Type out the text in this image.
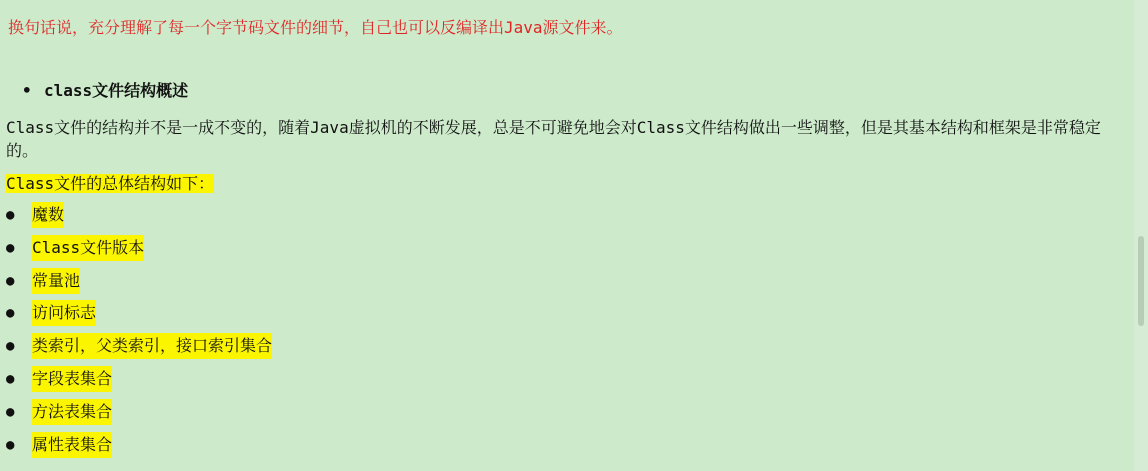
换句话说，充分理解了每一个字节码文件的细节，自己也可以反编译出Java源文件来。
• class文件结构概述
Class文件的结构并不是一成不变的，随着Java虚拟机的不断发展，总是不可避免地会对Class文件结构做出一些调整，但是其基本结构和框架是非常稳定的。
Class文件的总体结构如下：
●	魔数
●	Class文件版本
●	常量池
●	访问标志
●	类索引，父类索引，接口索引集合
●	字段表集合
●	方法表集合
●	属性表集合
